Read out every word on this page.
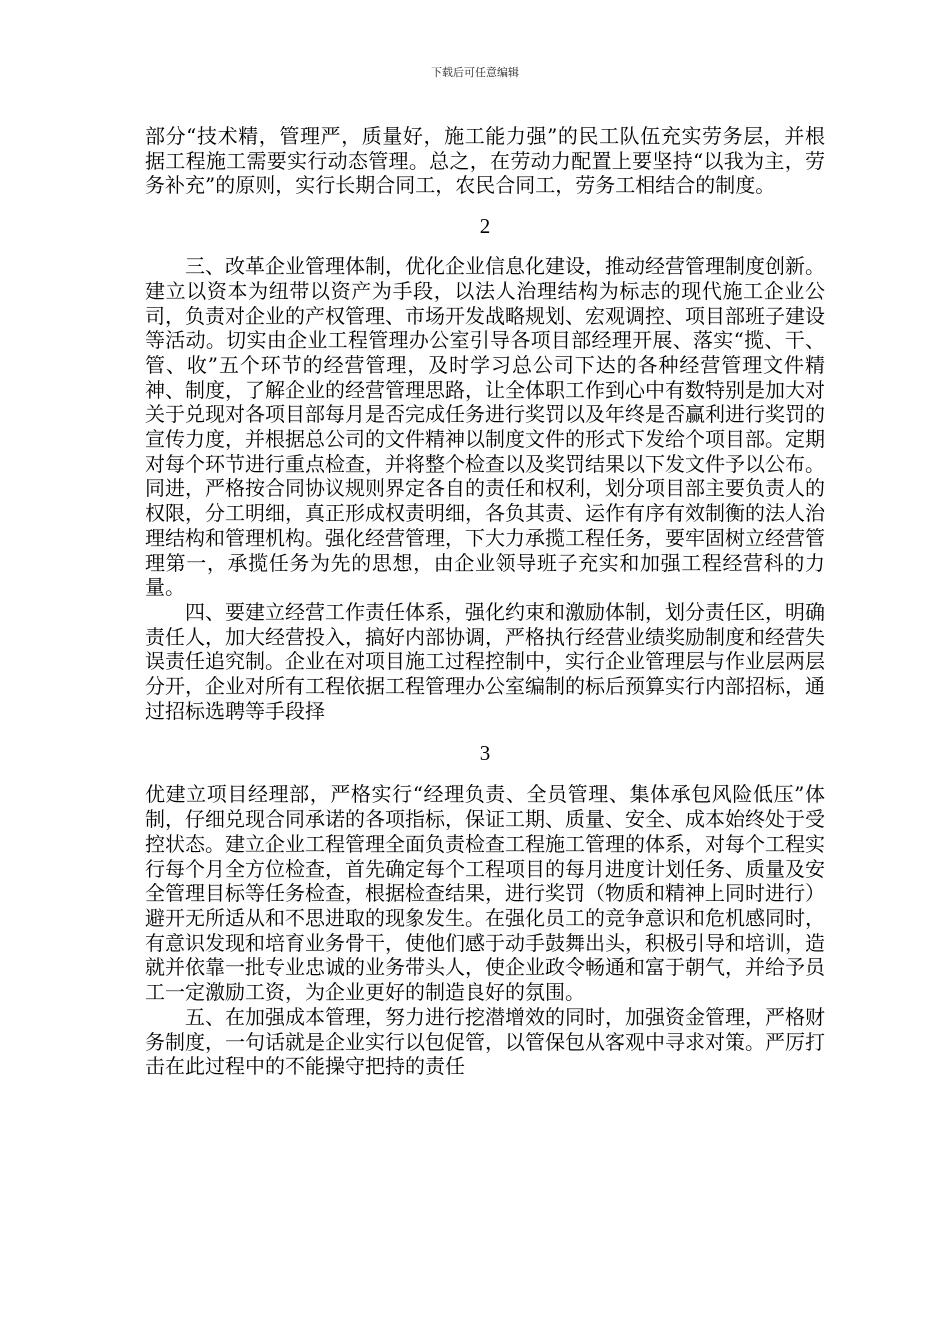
下载后可任意编辑

部分“技术精，管理严，质量好，施工能力强”的民工队伍充实劳务层，并根据工程施工需要实行动态管理。总之，在劳动力配置上要坚持“以我为主，劳务补充”的原则，实行长期合同工，农民合同工，劳务工相结合的制度。

2

三、改革企业管理体制，优化企业信息化建设，推动经营管理制度创新。建立以资本为纽带以资产为手段，以法人治理结构为标志的现代施工企业公司，负责对企业的产权管理、市场开发战略规划、宏观调控、项目部班子建设等活动。切实由企业工程管理办公室引导各项目部经理开展、落实“揽、干、管、收”五个环节的经营管理，及时学习总公司下达的各种经营管理文件精神、制度，了解企业的经营管理思路，让全体职工作到心中有数特别是加大对关于兑现对各项目部每月是否完成任务进行奖罚以及年终是否赢利进行奖罚的宣传力度，并根据总公司的文件精神以制度文件的形式下发给个项目部。定期对每个环节进行重点检查，并将整个检查以及奖罚结果以下发文件予以公布。同进，严格按合同协议规则界定各自的责任和权利，划分项目部主要负责人的权限，分工明细，真正形成权责明细，各负其责、运作有序有效制衡的法人治理结构和管理机构。强化经营管理，下大力承揽工程任务，要牢固树立经营管理第一，承揽任务为先的思想，由企业领导班子充实和加强工程经营科的力量。

四、要建立经营工作责任体系，强化约束和激励体制，划分责任区，明确责任人，加大经营投入，搞好内部协调，严格执行经营业绩奖励制度和经营失误责任追究制。企业在对项目施工过程控制中，实行企业管理层与作业层两层分开，企业对所有工程依据工程管理办公室编制的标后预算实行内部招标，通过招标选聘等手段择

3

优建立项目经理部，严格实行“经理负责、全员管理、集体承包风险低压”体制，仔细兑现合同承诺的各项指标，保证工期、质量、安全、成本始终处于受控状态。建立企业工程管理全面负责检查工程施工管理的体系，对每个工程实行每个月全方位检查，首先确定每个工程项目的每月进度计划任务、质量及安全管理目标等任务检查，根据检查结果，进行奖罚（物质和精神上同时进行）避开无所适从和不思进取的现象发生。在强化员工的竞争意识和危机感同时，有意识发现和培育业务骨干，使他们感于动手鼓舞出头，积极引导和培训，造就并依靠一批专业忠诚的业务带头人，使企业政令畅通和富于朝气，并给予员工一定激励工资，为企业更好的制造良好的氛围。

五、在加强成本管理，努力进行挖潜增效的同时，加强资金管理，严格财务制度，一句话就是企业实行以包促管，以管保包从客观中寻求对策。严厉打击在此过程中的不能操守把持的责任
